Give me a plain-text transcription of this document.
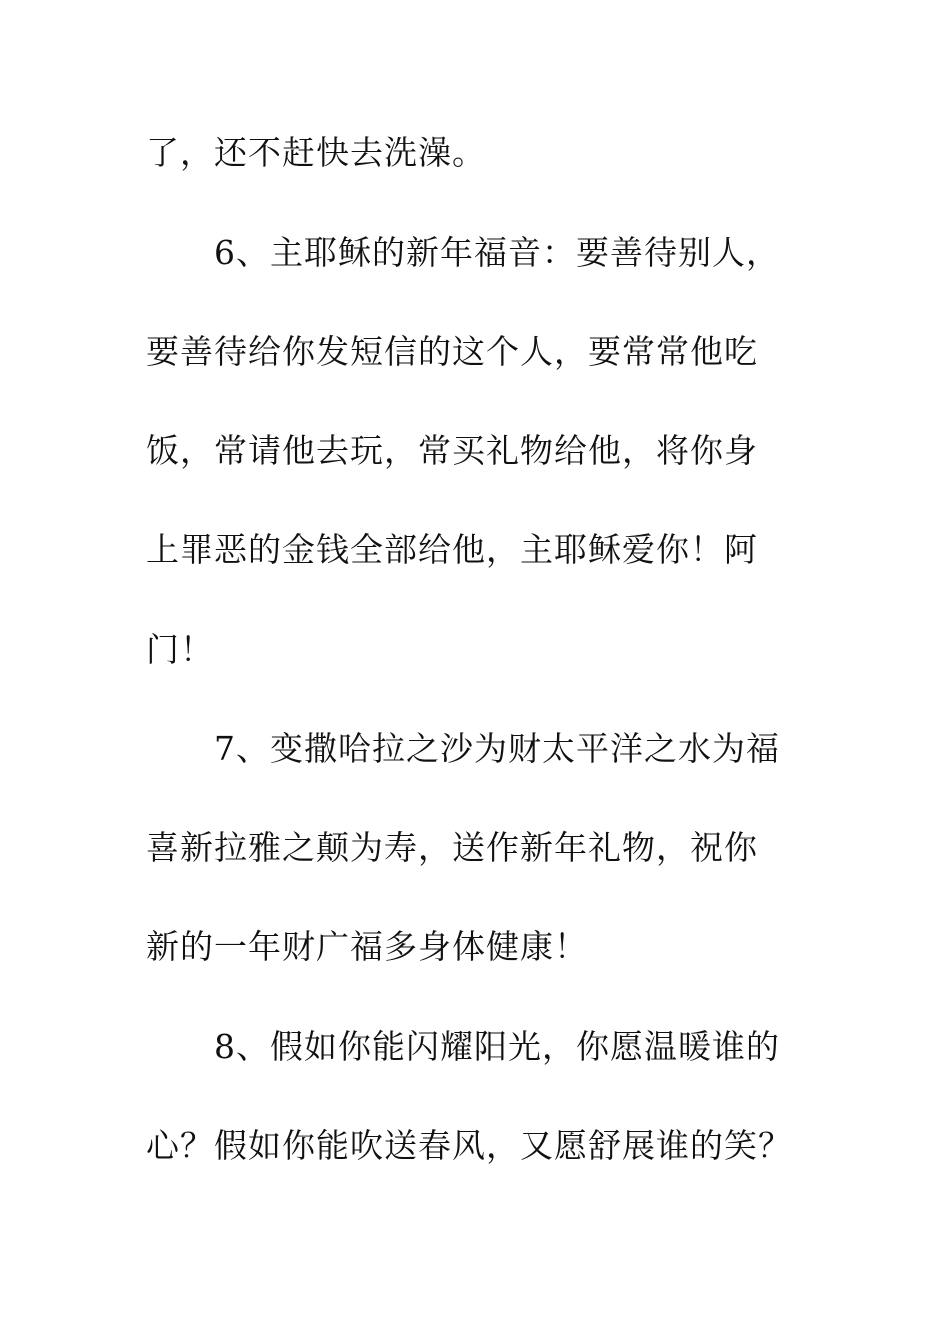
了，还不赶快去洗澡。
6、主耶稣的新年福音：要善待别人，
要善待给你发短信的这个人，要常常他吃
饭，常请他去玩，常买礼物给他，将你身
上罪恶的金钱全部给他，主耶稣爱你！阿
门！
7、变撒哈拉之沙为财太平洋之水为福
喜新拉雅之颠为寿，送作新年礼物，祝你
新的一年财广福多身体健康！
8、假如你能闪耀阳光，你愿温暖谁的
心？假如你能吹送春风，又愿舒展谁的笑？
